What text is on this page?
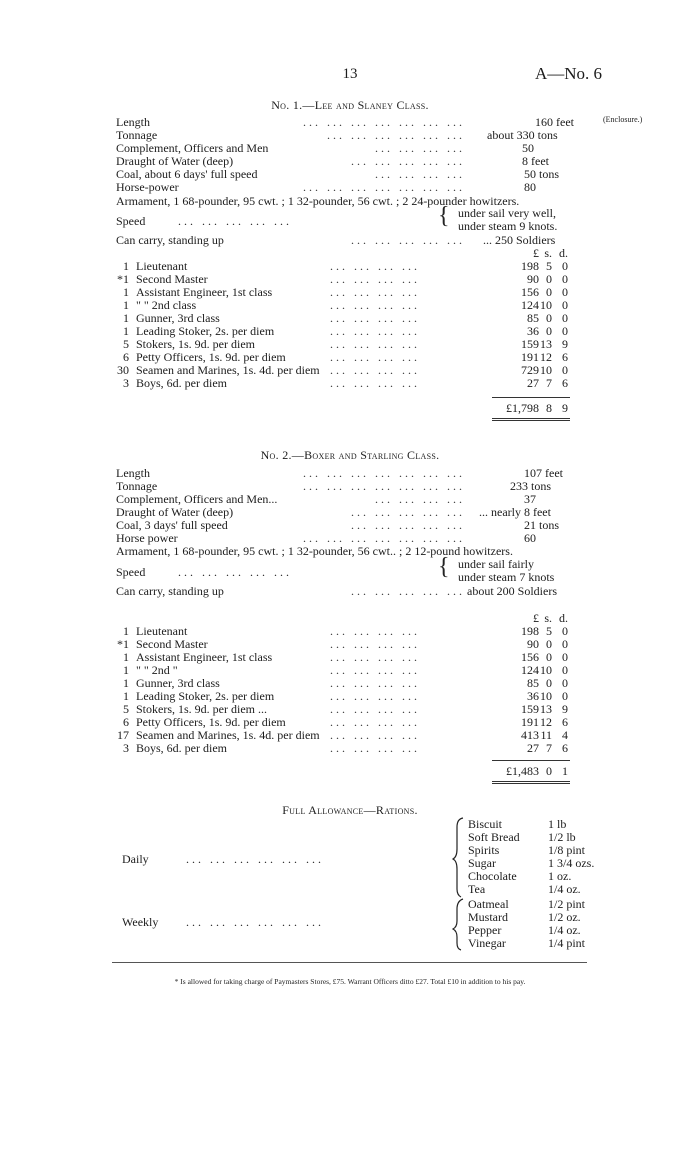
13	A—No. 6
(Enclosure.)
No. 1.—Lee and Slaney Class.
Length	... ... ... ... ... ... ...	160 feet
Tonnage	... ... ... ... ... ... about 330 tons
Complement, Officers and Men	... ... ... ...	50
Draught of Water (deep)	... ... ... ... ...	8 feet
Coal, about 6 days' full speed	... ... ... ...	50 tons
Horse-power	... ... ... ... ... ... ...	80
Armament, 1 68-pounder, 95 cwt. ; 1 32-pounder, 56 cwt. ; 2 24-pounder howitzers.
Speed	... ... ... ... ...	{ under sail very well,
under steam 9 knots.
Can carry, standing up	... ... ... ... ... ... 250 Soldiers
£ s. d.
1 Lieutenant	198 5 0
... ... ... ...
*1 Second Master	90 0 0
... ... ... ...
1 Assistant Engineer, 1st class	156 0 0
... ... ... ...
1 " " 2nd class	124 10 0
... ... ... ...
1 Gunner, 3rd class	85 0 0
... ... ... ...
1 Leading Stoker, 2s. per diem	36 0 0
... ... ... ...
5 Stokers, 1s. 9d. per diem	159 13 9
... ... ... ...
6 Petty Officers, 1s. 9d. per diem	191 12 6
... ... ... ...
30 Seamen and Marines, 1s. 4d. per diem	729 10 0
... ... ... ...
3 Boys, 6d. per diem	27 7 6
... ... ... ...
£1,798 8 9
No. 2.—Boxer and Starling Class.
Length	... ... ... ... ... ... ...	107 feet
Tonnage	... ... ... ... ... ... ...	233 tons
Complement, Officers and Men...	... ... ... ...	37
Draught of Water (deep)	... ... ... ... ... ... nearly 8 feet
Coal, 3 days' full speed	... ... ... ... ...	21 tons
Horse power	... ... ... ... ... ... ...	60
Armament, 1 68-pounder, 95 cwt. ; 1 32-pounder, 56 cwt.. ; 2 12-pound howitzers.
Speed	... ... ... ... ...	{ under sail fairly
under steam 7 knots
Can carry, standing up	... ... ... ... ... about 200 Soldiers
£ s. d.
1 Lieutenant	198 5 0
... ... ... ...
*1 Second Master	90 0 0
... ... ... ...
1 Assistant Engineer, 1st class	156 0 0
... ... ... ...
1 " " 2nd "	124 10 0
... ... ... ...
1 Gunner, 3rd class	85 0 0
... ... ... ...
1 Leading Stoker, 2s. per diem	36 10 0
... ... ... ...
5 Stokers, 1s. 9d. per diem ...	159 13 9
... ... ... ...
6 Petty Officers, 1s. 9d. per diem	191 12 6
... ... ... ...
17 Seamen and Marines, 1s. 4d. per diem	413 11 4
... ... ... ...
3 Boys, 6d. per diem	27 7 6
... ... ... ...
£1,483 0 1
Full Allowance—Rations.
Daily	... ... ... ... ... ...
Weekly ... ... ... ... ... ...
Biscuit	1 lb
Soft Bread 1/2 lb
Spirits	1/8 pint
Sugar	1 3/4 ozs.
Chocolate	1 oz.
Tea	1/4 oz.
Oatmeal	1/2 pint
Mustard	1/2 oz.
Pepper	1/4 oz.
Vinegar	1/4 pint
* Is allowed for taking charge of Paymasters Stores, £75. Warrant Officers ditto £27. Total £10 in addition to his pay.
